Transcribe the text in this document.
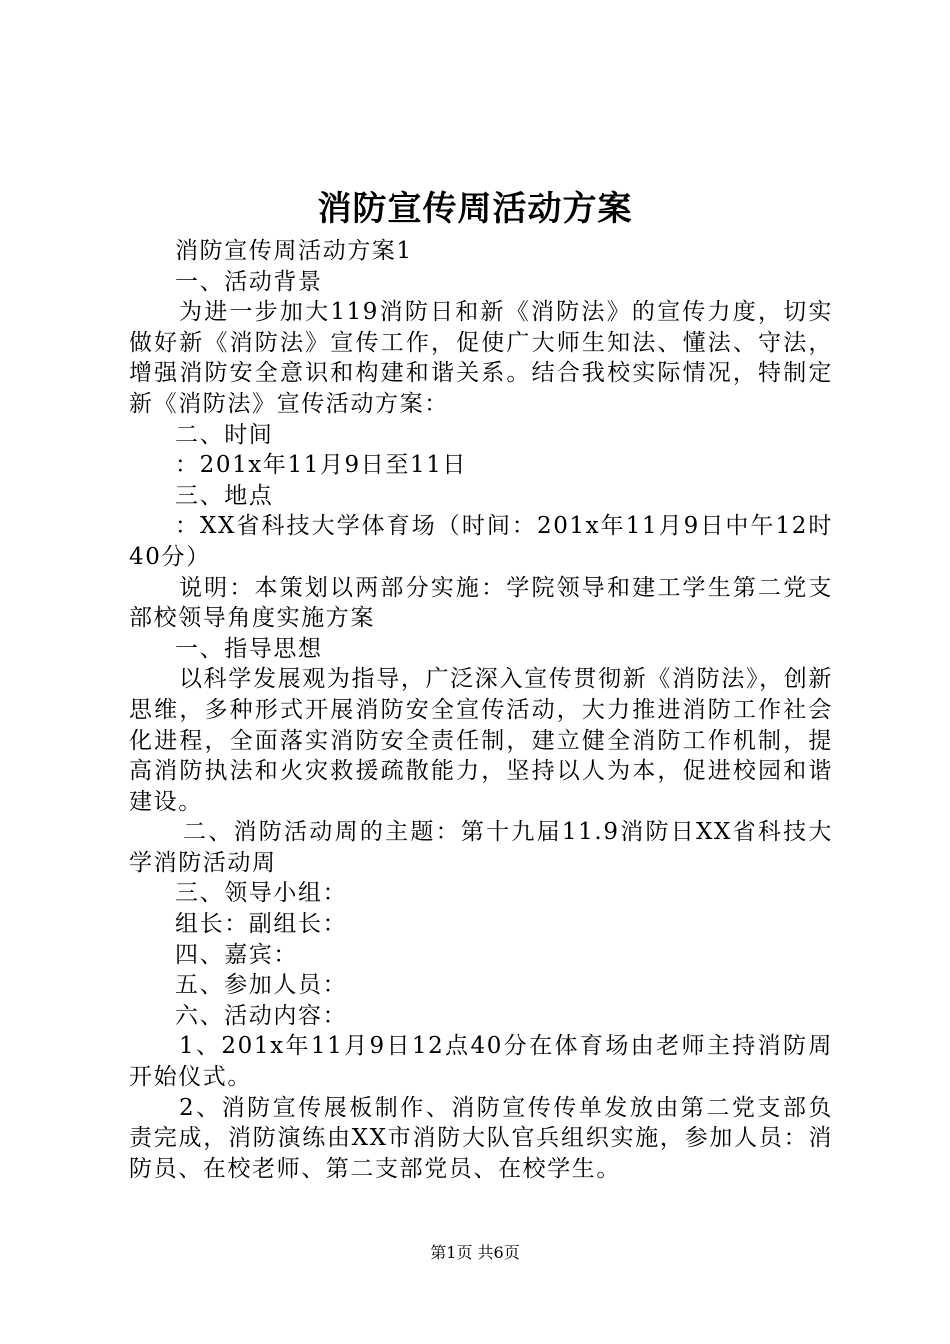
消防宣传周活动方案

消防宣传周活动方案1

一、活动背景

为进一步加大119消防日和新《消防法》的宣传力度，切实做好新《消防法》宣传工作，促使广大师生知法、懂法、守法，增强消防安全意识和构建和谐关系。结合我校实际情况，特制定新《消防法》宣传活动方案：

二、时间

：201x年11月9日至11日

三、地点

：XX省科技大学体育场（时间：201x年11月9日中午12时40分）

说明：本策划以两部分实施：学院领导和建工学生第二党支部校领导角度实施方案

一、指导思想

以科学发展观为指导，广泛深入宣传贯彻新《消防法》，创新思维，多种形式开展消防安全宣传活动，大力推进消防工作社会化进程，全面落实消防安全责任制，建立健全消防工作机制，提高消防执法和火灾救援疏散能力，坚持以人为本，促进校园和谐建设。

二、消防活动周的主题：第十九届11.9消防日XX省科技大学消防活动周

三、领导小组：

组长：副组长：

四、嘉宾：

五、参加人员：

六、活动内容：

1、201x年11月9日12点40分在体育场由老师主持消防周开始仪式。

2、消防宣传展板制作、消防宣传传单发放由第二党支部负责完成，消防演练由XX市消防大队官兵组织实施，参加人员：消防员、在校老师、第二支部党员、在校学生。

第1页 共6页
